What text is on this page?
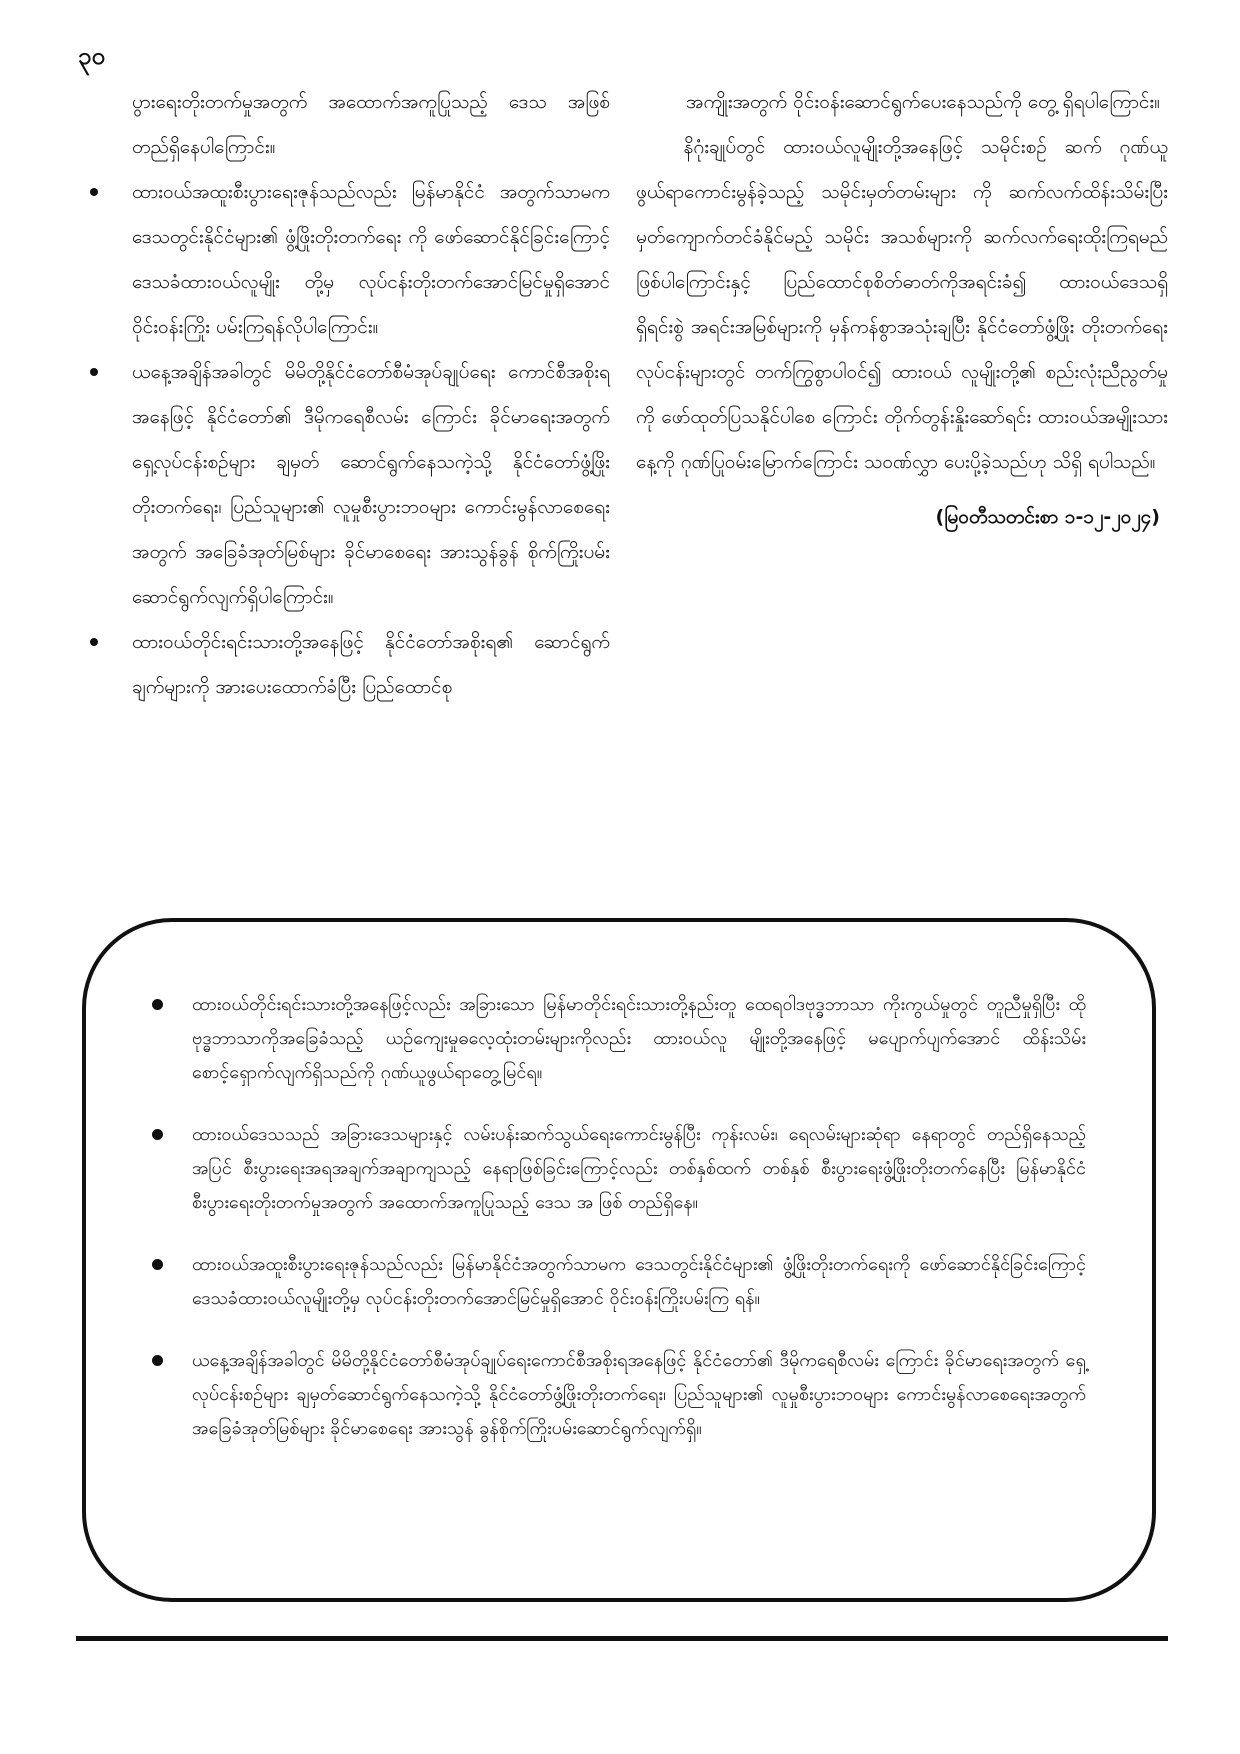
၃၀

ပွားရေးတိုးတက်မှုအတွက် အထောက်အကူပြုသည့် ဒေသ အဖြစ် တည်ရှိနေပါကြောင်း။

ထားဝယ်အထူးစီးပွားရေးဇုန်သည်လည်း မြန်မာနိုင်ငံ အတွက်သာမက ဒေသတွင်းနိုင်ငံများ၏ ဖွံ့ဖြိုးတိုးတက်ရေး ကို ဖော်ဆောင်နိုင်ခြင်းကြောင့် ဒေသခံထားဝယ်လူမျိုး တို့မှ လုပ်ငန်းတိုးတက်အောင်မြင်မှုရှိအောင် ဝိုင်းဝန်းကြိုး ပမ်းကြရန်လိုပါကြောင်း။
ယနေ့အချိန်အခါတွင် မိမိတို့နိုင်ငံတော်စီမံအုပ်ချုပ်ရေး ကောင်စီအစိုးရအနေဖြင့် နိုင်ငံတော်၏ ဒီမိုကရေစီလမ်း ကြောင်း ခိုင်မာရေးအတွက် ရှေ့လုပ်ငန်းစဉ်များ ချမှတ် ဆောင်ရွက်နေသကဲ့သို့ နိုင်ငံတော်ဖွံ့ဖြိုးတိုးတက်ရေး၊ ပြည်သူများ၏ လူမှုစီးပွားဘဝများ ကောင်းမွန်လာစေရေး အတွက် အခြေခံအုတ်မြစ်များ ခိုင်မာစေရေး အားသွန်ခွန် စိုက်ကြိုးပမ်းဆောင်ရွက်လျက်ရှိပါကြောင်း။
ထားဝယ်တိုင်းရင်းသားတို့အနေဖြင့် နိုင်ငံတော်အစိုးရ၏ ဆောင်ရွက်ချက်များကို အားပေးထောက်ခံပြီး ပြည်ထောင်စု

အကျိုးအတွက် ဝိုင်းဝန်းဆောင်ရွက်ပေးနေသည်ကို တွေ့ ရှိရပါကြောင်း။

နိဂုံးချုပ်တွင် ထားဝယ်လူမျိုးတို့အနေဖြင့် သမိုင်းစဉ် ဆက် ဂုဏ်ယူဖွယ်ရာကောင်းမွန်ခဲ့သည့် သမိုင်းမှတ်တမ်းများ ကို ဆက်လက်ထိန်းသိမ်းပြီး မှတ်ကျောက်တင်ခံနိုင်မည့် သမိုင်း အသစ်များကို ဆက်လက်ရေးထိုးကြရမည်ဖြစ်ပါကြောင်းနှင့် ပြည်ထောင်စုစိတ်ဓာတ်ကိုအရင်းခံ၍ ထားဝယ်ဒေသရှိ ရှိရင်းစွဲ အရင်းအမြစ်များကို မှန်ကန်စွာအသုံးချပြီး နိုင်ငံတော်ဖွံ့ဖြိုး တိုးတက်ရေးလုပ်ငန်းများတွင် တက်ကြွစွာပါဝင်၍ ထားဝယ် လူမျိုးတို့၏ စည်းလုံးညီညွတ်မှုကို ဖော်ထုတ်ပြသနိုင်ပါစေ ကြောင်း တိုက်တွန်းနှိုးဆော်ရင်း ထားဝယ်အမျိုးသားနေ့ကို ဂုဏ်ပြုဝမ်းမြောက်ကြောင်း သဝဏ်လွှာ ပေးပို့ခဲ့သည်ဟု သိရှိ ရပါသည်။

(မြဝတီသတင်းစာ ၁-၁၂-၂၀၂၄)
ထားဝယ်တိုင်းရင်းသားတို့အနေဖြင့်လည်း အခြားသော မြန်မာတိုင်းရင်းသားတို့နည်းတူ ထေရဝါဒဗုဒ္ဓဘာသာ ကိုးကွယ်မှုတွင် တူညီမှုရှိပြီး ထိုဗုဒ္ဓဘာသာကိုအခြေခံသည့် ယဉ်ကျေးမှုဓလေ့ထုံးတမ်းများကိုလည်း ထားဝယ်လူ မျိုးတို့အနေဖြင့် မပျောက်ပျက်အောင် ထိန်းသိမ်းစောင့်ရှောက်လျက်ရှိသည်ကို ဂုဏ်ယူဖွယ်ရာတွေ့မြင်ရ။
ထားဝယ်ဒေသသည် အခြားဒေသများနှင့် လမ်းပန်းဆက်သွယ်ရေးကောင်းမွန်ပြီး ကုန်းလမ်း၊ ရေလမ်းများဆုံရာ နေရာတွင် တည်ရှိနေသည့်အပြင် စီးပွားရေးအရအချက်အချာကျသည့် နေရာဖြစ်ခြင်းကြောင့်လည်း တစ်နှစ်ထက် တစ်နှစ် စီးပွားရေးဖွံ့ဖြိုးတိုးတက်နေပြီး မြန်မာနိုင်ငံစီးပွားရေးတိုးတက်မှုအတွက် အထောက်အကူပြုသည့် ဒေသ အ ဖြစ် တည်ရှိနေ။
ထားဝယ်အထူးစီးပွားရေးဇုန်သည်လည်း မြန်မာနိုင်ငံအတွက်သာမက ဒေသတွင်းနိုင်ငံများ၏ ဖွံ့ဖြိုးတိုးတက်ရေးကို ဖော်ဆောင်နိုင်ခြင်းကြောင့် ဒေသခံထားဝယ်လူမျိုးတို့မှ လုပ်ငန်းတိုးတက်အောင်မြင်မှုရှိအောင် ဝိုင်းဝန်းကြိုးပမ်းကြ ရန်။
ယနေ့အချိန်အခါတွင် မိမိတို့နိုင်ငံတော်စီမံအုပ်ချုပ်ရေးကောင်စီအစိုးရအနေဖြင့် နိုင်ငံတော်၏ ဒီမိုကရေစီလမ်း ကြောင်း ခိုင်မာရေးအတွက် ရှေ့လုပ်ငန်းစဉ်များ ချမှတ်ဆောင်ရွက်နေသကဲ့သို့ နိုင်ငံတော်ဖွံ့ဖြိုးတိုးတက်ရေး၊ ပြည်သူများ၏ လူမှုစီးပွားဘဝများ ကောင်းမွန်လာစေရေးအတွက် အခြေခံအုတ်မြစ်များ ခိုင်မာစေရေး အားသွန် ခွန်စိုက်ကြိုးပမ်းဆောင်ရွက်လျက်ရှိ။
